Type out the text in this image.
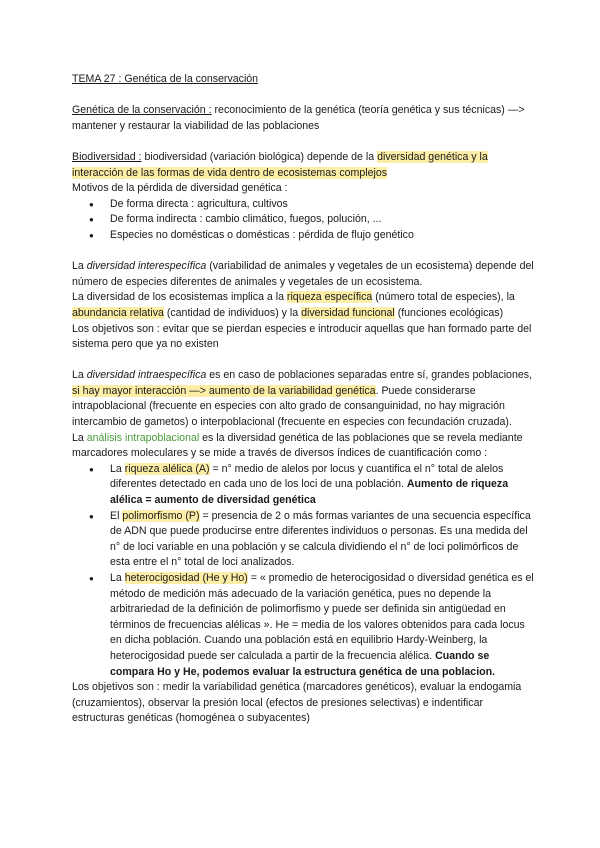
TEMA 27 : Genética de la conservación

Genética de la conservación : reconocimiento de la genética (teoría genética y sus técnicas) —> mantener y restaurar la viabilidad de las poblaciones

Biodiversidad : biodiversidad (variación biológica) depende de la diversidad genética y la interacción de las formas de vida dentro de ecosistemas complejos

Motivos de la pérdida de diversidad genética :

● De forma directa : agricultura, cultivos
● De forma indirecta : cambio climático, fuegos, polución, ...
● Especies no domésticas o domésticas : pérdida de flujo genético

La diversidad interespecífica (variabilidad de animales y vegetales de un ecosistema) depende del número de especies diferentes de animales y vegetales de un ecosistema.

La diversidad de los ecosistemas implica a la riqueza específica (número total de especies), la abundancia relativa (cantidad de individuos) y la diversidad funcional (funciones ecológicas)

Los objetivos son : evitar que se pierdan especies e introducir aquellas que han formado parte del sistema pero que ya no existen

La diversidad intraespecífica es en caso de poblaciones separadas entre sí, grandes poblaciones, si hay mayor interacción —> aumento de la variabilidad genética. Puede considerarse intrapoblacional (frecuente en especies con alto grado de consanguinidad, no hay migración intercambio de gametos) o interpoblacional (frecuente en especies con fecundación cruzada).

La análisis intrapoblacional es la diversidad genética de las poblaciones que se revela mediante marcadores moleculares y se mide a través de diversos índices de cuantificación como :

● La riqueza alélica (A) = n° medio de alelos por locus y cuantifica el n° total de alelos diferentes detectado en cada uno de los loci de una población. Aumento de riqueza alélica = aumento de diversidad genética
● El polimorfismo (P) = presencia de 2 o más formas variantes de una secuencia específica de ADN que puede producirse entre diferentes individuos o personas. Es una medida del n° de loci variable en una población y se calcula dividiendo el n° de loci polimórficos de esta entre el n° total de loci analizados.
● La heterocigosidad (He y Ho) = « promedio de heterocigosidad o diversidad genética es el método de medición más adecuado de la variación genética, pues no depende la arbitrariedad de la definición de polimorfismo y puede ser definida sin antigüedad en términos de frecuencias alélicas ». He = media de los valores obtenidos para cada locus en dicha población. Cuando una población está en equilibrio Hardy-Weinberg, la heterocigosidad puede ser calculada a partir de la frecuencia alélica. Cuando se compara Ho y He, podemos evaluar la estructura genética de una poblacion.

Los objetivos son : medir la variabilidad genética (marcadores genéticos), evaluar la endogamia (cruzamientos), observar la presión local (efectos de presiones selectivas) e indentificar estructuras genéticas (homogénea o subyacentes)
